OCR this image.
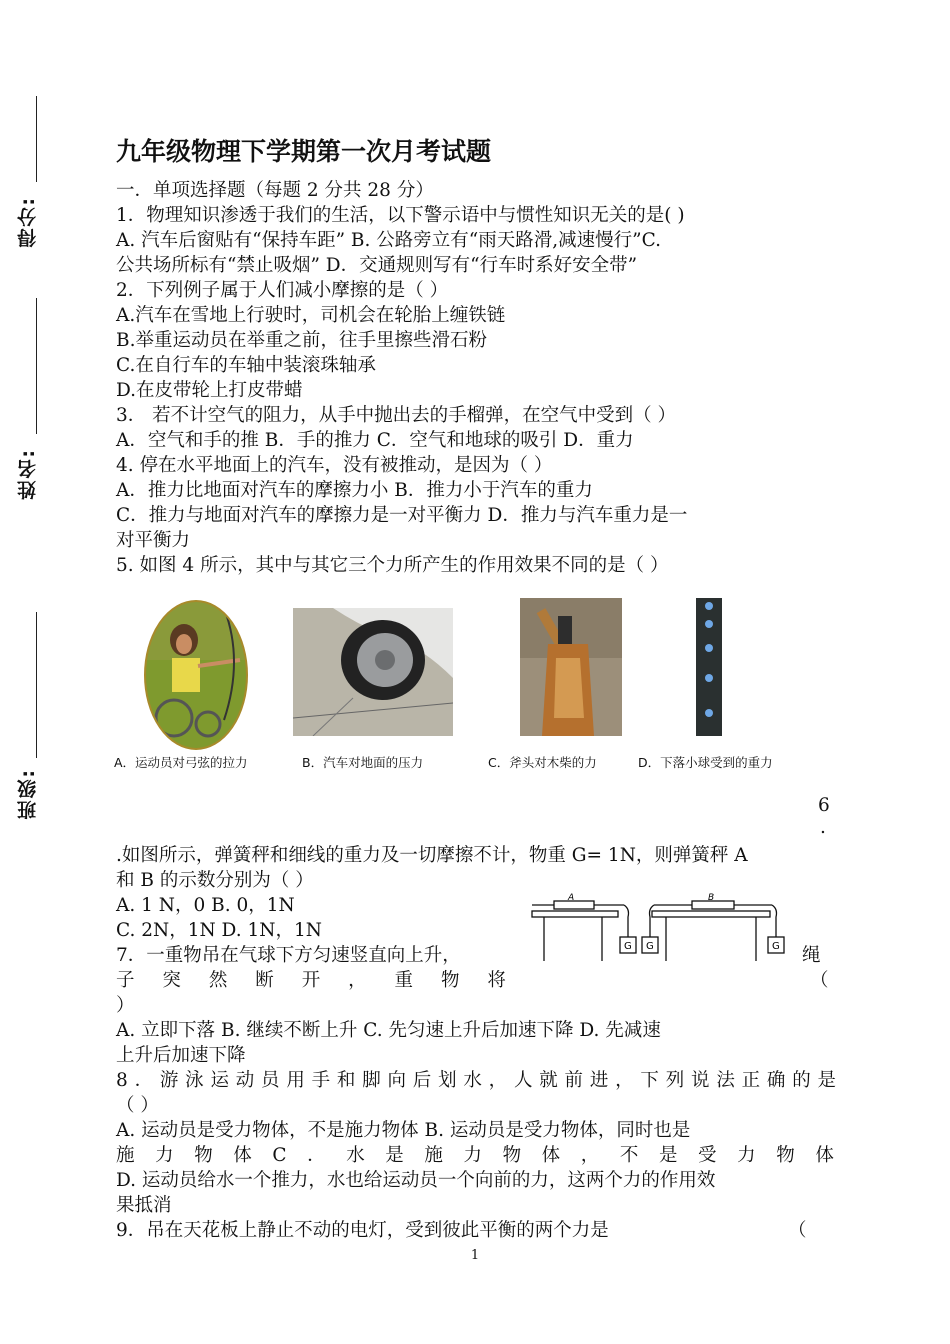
得分:
姓名:
班级:
九年级物理下学期第一次月考试题

一．单项选择题（每题 2 分共 28 分）

1．物理知识渗透于我们的生活，以下警示语中与惯性知识无关的是( )

A. 汽车后窗贴有“保持车距” B. 公路旁立有“雨天路滑,减速慢行”C.

公共场所标有“禁止吸烟” D．交通规则写有“行车时系好安全带”

2．下列例子属于人们减小摩擦的是（ ）

A.汽车在雪地上行驶时，司机会在轮胎上缠铁链

B.举重运动员在举重之前，往手里擦些滑石粉

C.在自行车的车轴中装滚珠轴承

D.在皮带轮上打皮带蜡

3． 若不计空气的阻力，从手中抛出去的手榴弹，在空气中受到（ ）

A．空气和手的推 B．手的推力 C．空气和地球的吸引 D．重力

4. 停在水平地面上的汽车，没有被推动，是因为（ ）

A．推力比地面对汽车的摩擦力小 B．推力小于汽车的重力

C．推力与地面对汽车的摩擦力是一对平衡力 D．推力与汽车重力是一

对平衡力

5. 如图 4 所示，其中与其它三个力所产生的作用效果不同的是（ ）

A．运动员对弓弦的拉力	B．汽车对地面的压力	C．斧头对木柴的力	D．下落小球受到的重力
6
.

.如图所示，弹簧秤和细线的重力及一切摩擦不计，物重 G= 1N，则弹簧秤 A

和 B 的示数分别为（ ）

A. 1 N，0 B. 0，1N

C. 2N，1N D. 1N，1N

A	B
G G	G

7．一重物吊在气球下方匀速竖直向上升，	绳
子 突 然 断 开 ， 重 物 将	（

）

A. 立即下落 B. 继续不断上升 C. 先匀速上升后加速下降 D. 先减速

上升后加速下降

8．游泳运动员用手和脚向后划水，人就前进，下列说法正确的是

（ ）

A. 运动员是受力物体，不是施力物体 B. 运动员是受力物体，同时也是

施 力 物 体 C ． 水 是 施 力 物 体 ， 不 是 受 力 物 体

D. 运动员给水一个推力，水也给运动员一个向前的力，这两个力的作用效

果抵消

9．吊在天花板上静止不动的电灯，受到彼此平衡的两个力是	（
1
